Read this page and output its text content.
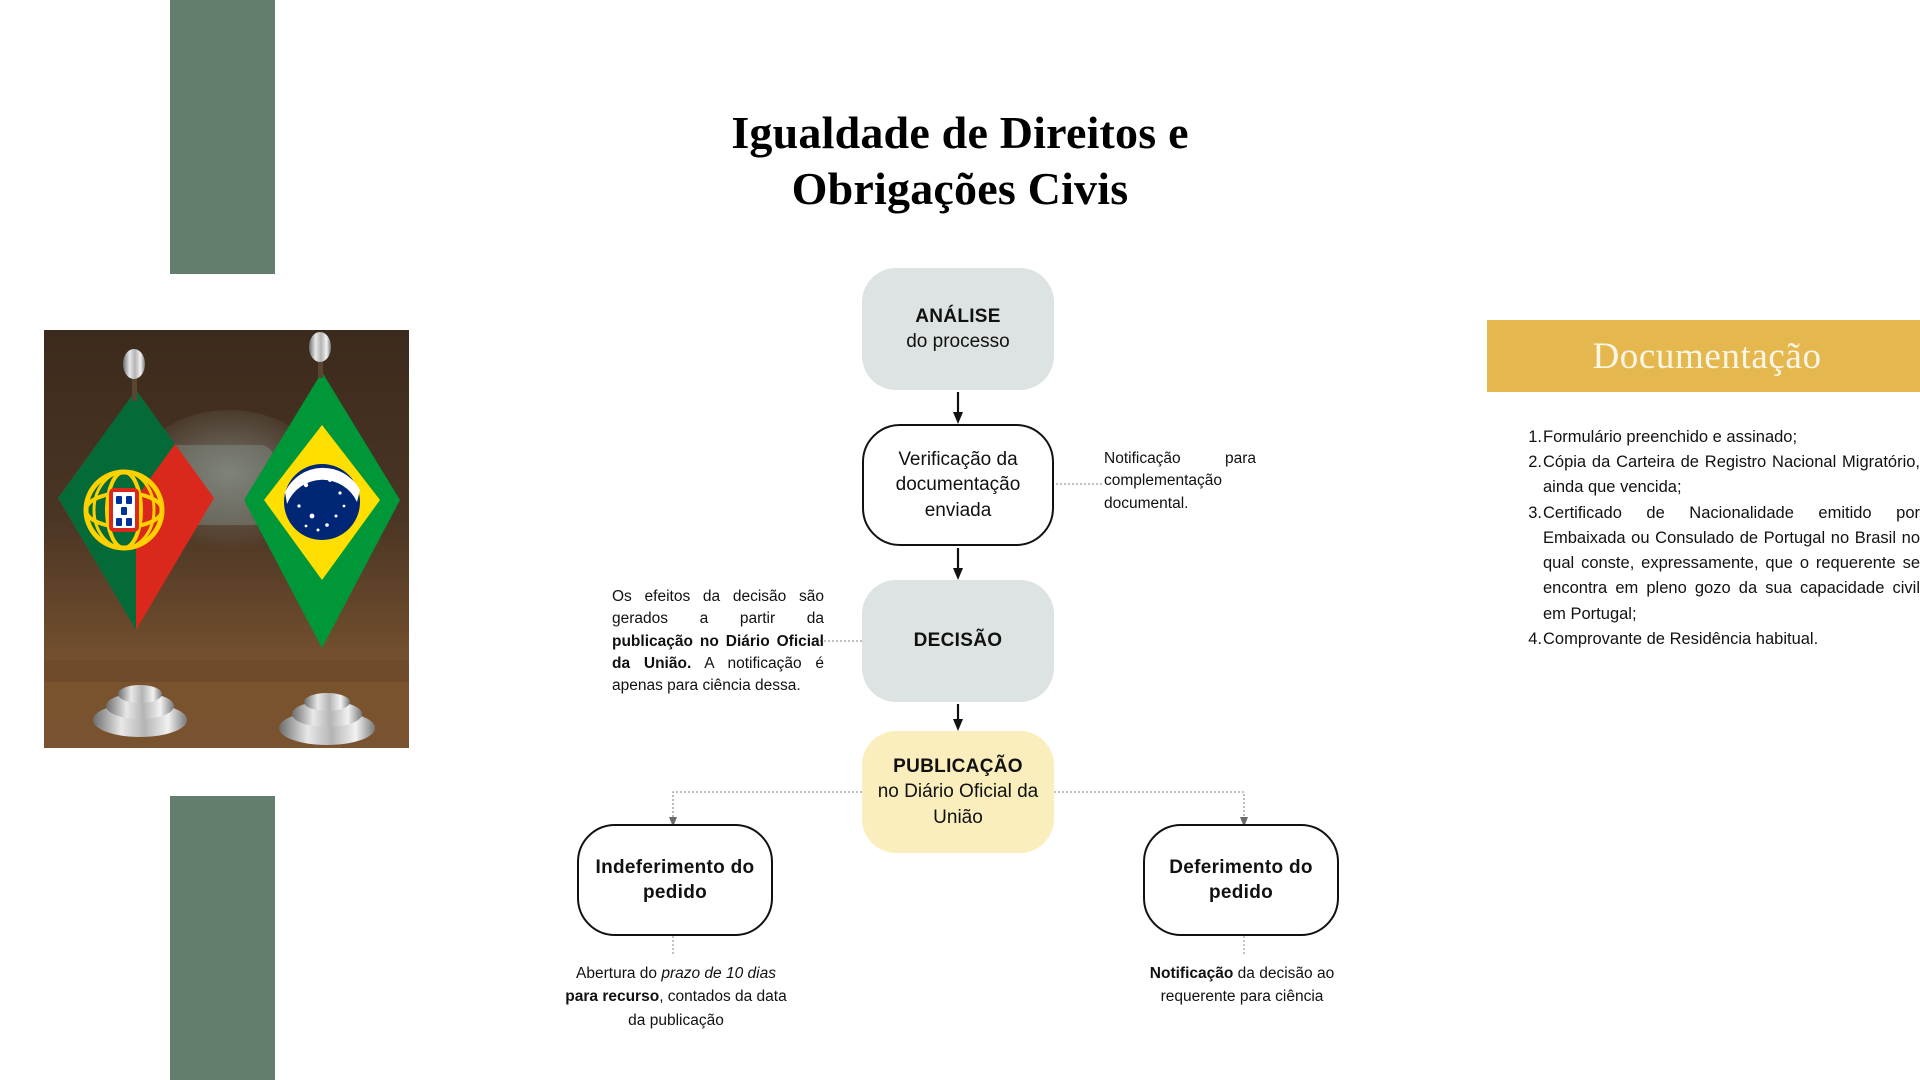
Igualdade de Direitos e
Obrigações Civis
ANÁLISE
do processo
Verificação da documentação enviada
DECISÃO
PUBLICAÇÃO
no Diário Oficial da União
Indeferimento do pedido
Deferimento do pedido
Notificação para complementação documental.
Os efeitos da decisão são gerados a partir da publicação no Diário Oficial da União. A notificação é apenas para ciência dessa.
Abertura do prazo de 10 dias para recurso, contados da data da publicação
Notificação da decisão ao requerente para ciência
Documentação
1. Formulário preenchido e assinado;
2. Cópia da Carteira de Registro Nacional Migratório, ainda que vencida;
3. Certificado de Nacionalidade emitido por Embaixada ou Consulado de Portugal no Brasil no qual conste, expressamente, que o requerente se encontra em pleno gozo da sua capacidade civil em Portugal;
4. Comprovante de Residência habitual.
